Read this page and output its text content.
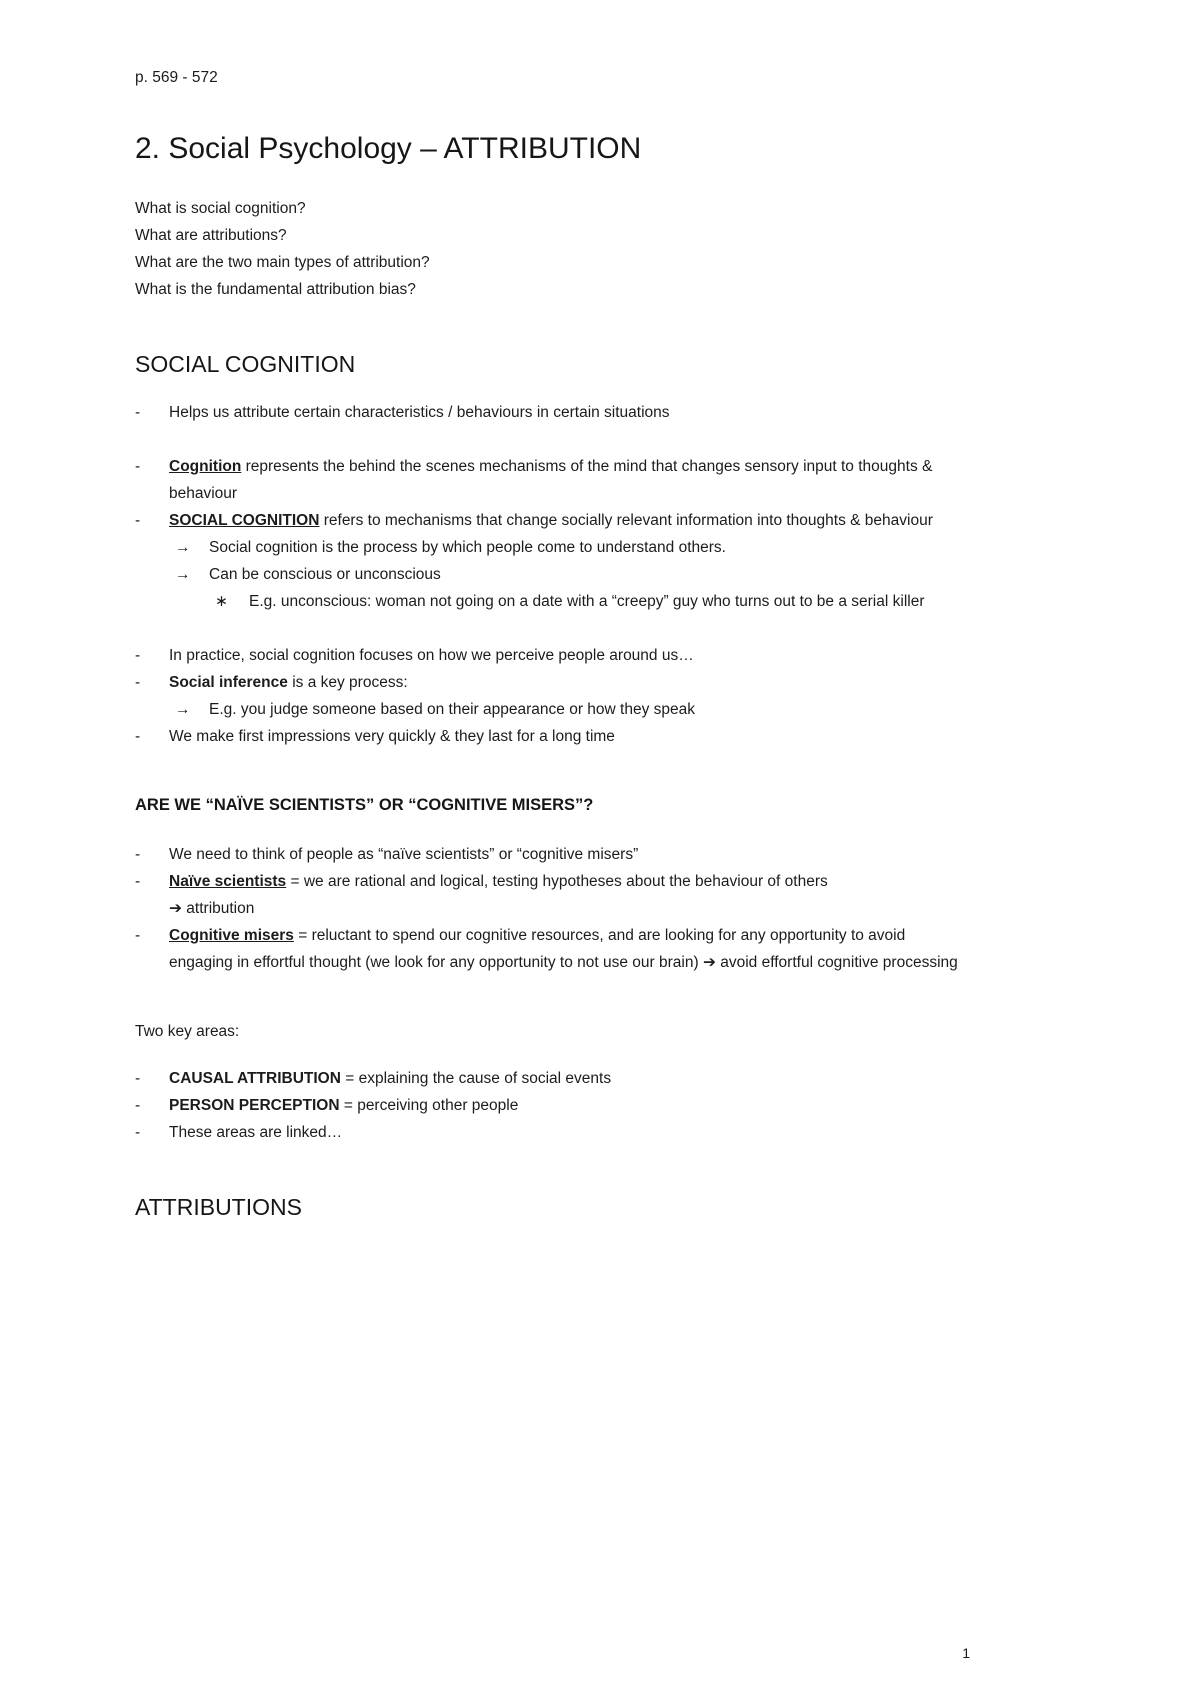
p. 569 - 572
2. Social Psychology – ATTRIBUTION

What is social cognition?

What are attributions?

What are the two main types of attribution?

What is the fundamental attribution bias?

SOCIAL COGNITION
-	Helps us attribute certain characteristics / behaviours in certain situations

-	Cognition represents the behind the scenes mechanisms of the mind that changes sensory input to thoughts & behaviour

-	SOCIAL COGNITION refers to mechanisms that change socially relevant information into thoughts & behaviour

→	Social cognition is the process by which people come to understand others.

→	Can be conscious or unconscious

∗	E.g. unconscious: woman not going on a date with a “creepy” guy who turns out to be a serial killer

-	In practice, social cognition focuses on how we perceive people around us…

-	Social inference is a key process:

→	E.g. you judge someone based on their appearance or how they speak

-	We make first impressions very quickly & they last for a long time

ARE WE “NAÏVE SCIENTISTS” OR “COGNITIVE MISERS”?
-	We need to think of people as “naïve scientists” or “cognitive misers”

-	Naïve scientists = we are rational and logical, testing hypotheses about the behaviour of others
➔ attribution

-	Cognitive misers = reluctant to spend our cognitive resources, and are looking for any opportunity to avoid engaging in effortful thought (we look for any opportunity to not use our brain) ➔ avoid effortful cognitive processing

Two key areas:

-	CAUSAL ATTRIBUTION = explaining the cause of social events

-	PERSON PERCEPTION = perceiving other people

-	These areas are linked…

ATTRIBUTIONS
1
